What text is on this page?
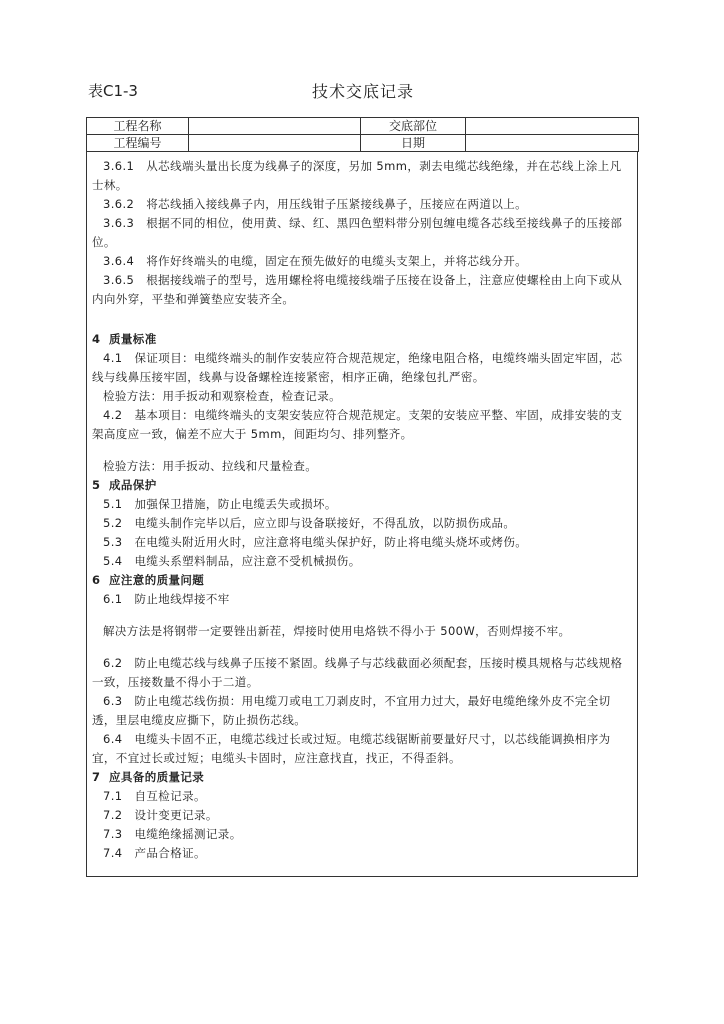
表C1-3	技术交底记录
工程名称		交底部位	
工程编号		日期	

3.6.1 从芯线端头量出长度为线鼻子的深度，另加 5mm，剥去电缆芯线绝缘，并在芯线上涂上凡士林。

3.6.2 将芯线插入接线鼻子内，用压线钳子压紧接线鼻子，压接应在两道以上。

3.6.3 根据不同的相位，使用黄、绿、红、黑四色塑料带分别包缠电缆各芯线至接线鼻子的压接部位。

3.6.4 将作好终端头的电缆，固定在预先做好的电缆头支架上，并将芯线分开。

3.6.5 根据接线端子的型号，选用螺栓将电缆接线端子压接在设备上，注意应使螺栓由上向下或从内向外穿，平垫和弹簧垫应安装齐全。

4 质量标准

4.1 保证项目：电缆终端头的制作安装应符合规范规定，绝缘电阻合格，电缆终端头固定牢固，芯线与线鼻压接牢固，线鼻与设备螺栓连接紧密，相序正确，绝缘包扎严密。

检验方法：用手扳动和观察检查，检查记录。

4.2 基本项目：电缆终端头的支架安装应符合规范规定。支架的安装应平整、牢固，成排安装的支架高度应一致，偏差不应大于 5mm，间距均匀、排列整齐。

检验方法：用手扳动、拉线和尺量检查。

5 成品保护

5.1 加强保卫措施，防止电缆丢失或损坏。

5.2 电缆头制作完毕以后，应立即与设备联接好，不得乱放，以防损伤成品。

5.3 在电缆头附近用火时，应注意将电缆头保护好，防止将电缆头烧坏或烤伤。

5.4 电缆头系塑料制品，应注意不受机械损伤。

6 应注意的质量问题

6.1 防止地线焊接不牢

解决方法是将钢带一定要锉出新茬，焊接时使用电烙铁不得小于 500W，否则焊接不牢。

6.2 防止电缆芯线与线鼻子压接不紧固。线鼻子与芯线截面必须配套，压接时模具规格与芯线规格一致，压接数量不得小于二道。

6.3 防止电缆芯线伤损：用电缆刀或电工刀剥皮时，不宜用力过大，最好电缆绝缘外皮不完全切透，里层电缆皮应撕下，防止损伤芯线。

6.4 电缆头卡固不正，电缆芯线过长或过短。电缆芯线锯断前要量好尺寸，以芯线能调换相序为宜，不宜过长或过短；电缆头卡固时，应注意找直，找正，不得歪斜。

7 应具备的质量记录

7.1 自互检记录。

7.2 设计变更记录。

7.3 电缆绝缘摇测记录。

7.4 产品合格证。
